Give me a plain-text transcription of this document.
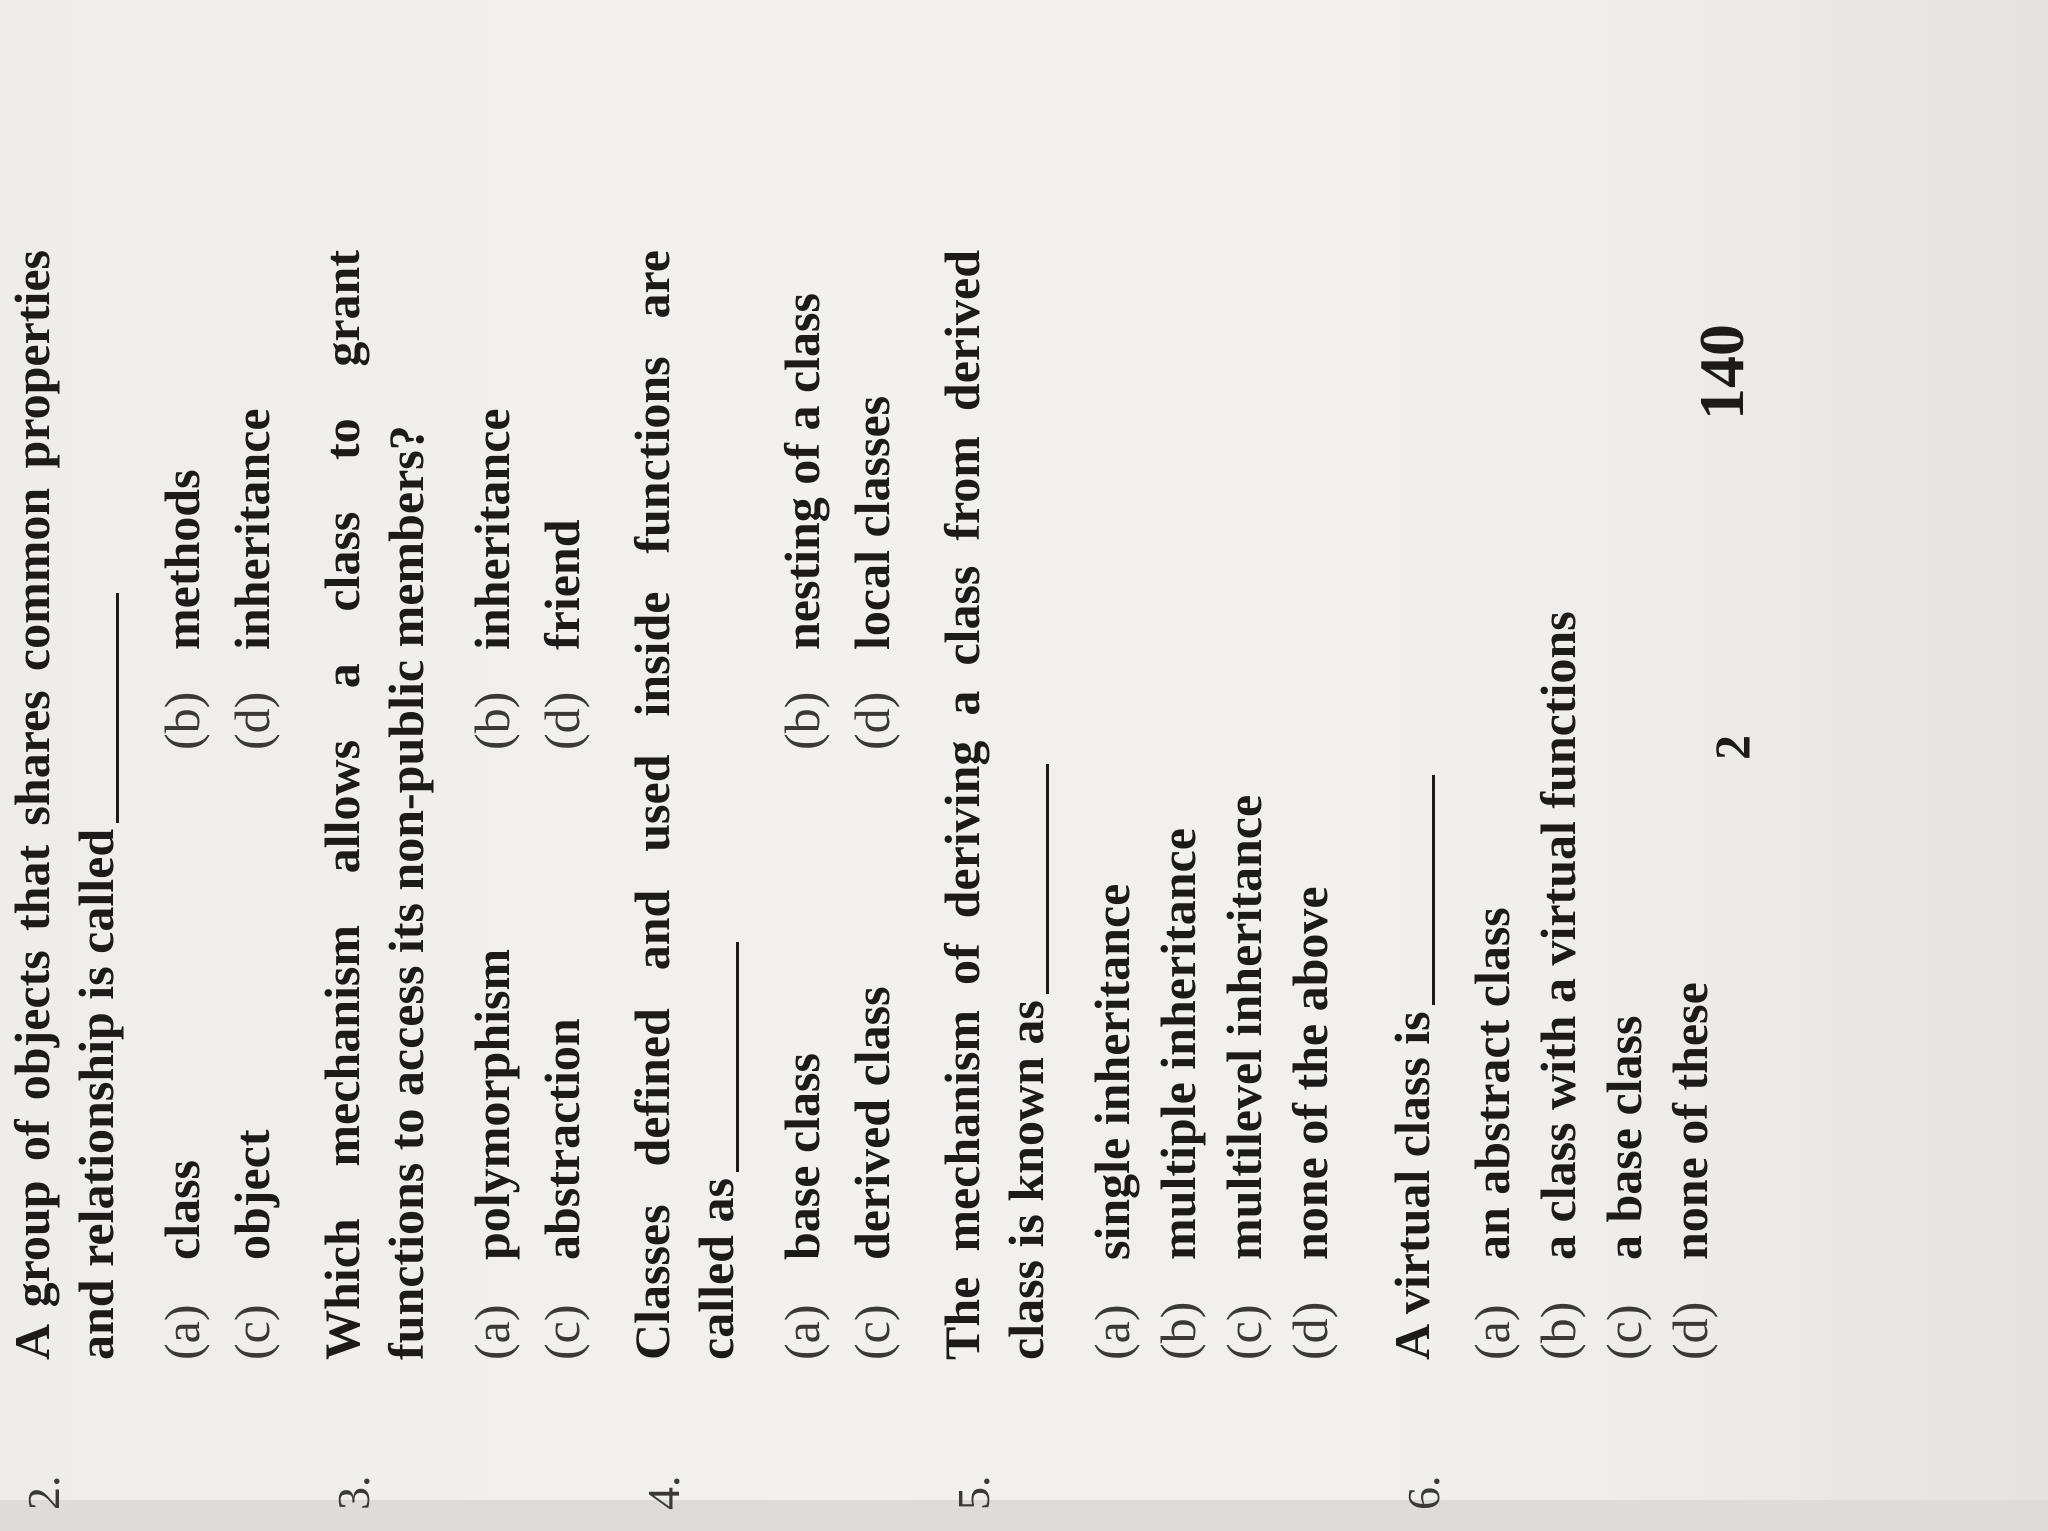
2.
A group of objects that shares common properties and relationship is called (a)class
(b)methods
(c)object
(d)inheritance
3.
Which mechanism allows a class to grant functions to access its non-public members? (a)polymorphism
(b)inheritance
(c)abstraction
(d)friend
4.
Classes defined and used inside functions are called as (a)base class
(b)nesting of a class
(c)derived class
(d)local classes
5.
The mechanism of deriving a class from derived class is known as (a)single inheritance
(b)multiple inheritance
(c)multilevel inheritance
(d)none of the above
6.
A virtual class is (a)an abstract class
(b)a class with a virtual functions
(c)a base class
(d)none of these
2
140
